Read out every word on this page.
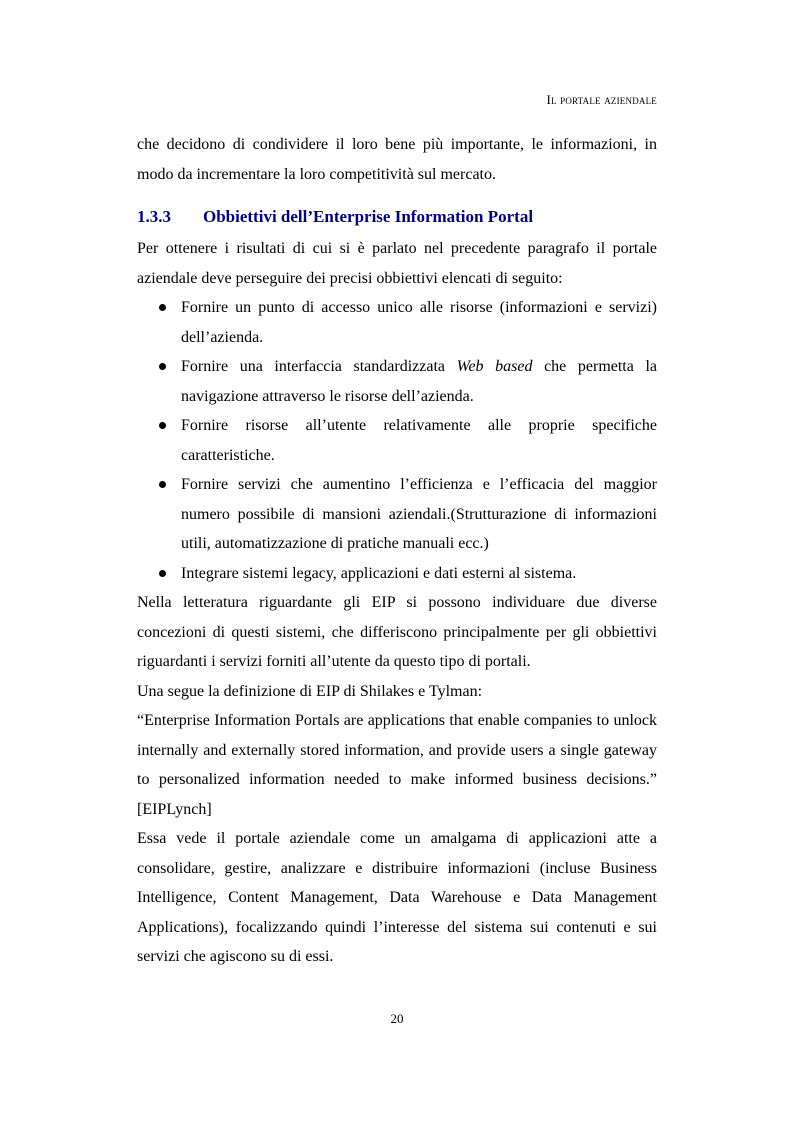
Il portale aziendale

che decidono di condividere il loro bene più importante, le informazioni, in modo da incrementare la loro competitività sul mercato.

1.3.3 Obbiettivi dell’Enterprise Information Portal

Per ottenere i risultati di cui si è parlato nel precedente paragrafo il portale aziendale deve perseguire dei precisi obbiettivi elencati di seguito:

Fornire un punto di accesso unico alle risorse (informazioni e servizi) dell’azienda.
Fornire una interfaccia standardizzata Web based che permetta la navigazione attraverso le risorse dell’azienda.
Fornire risorse all’utente relativamente alle proprie specifiche caratteristiche.
Fornire servizi che aumentino l’efficienza e l’efficacia del maggior numero possibile di mansioni aziendali.(Strutturazione di informazioni utili, automatizzazione di pratiche manuali ecc.)
Integrare sistemi legacy, applicazioni e dati esterni al sistema.

Nella letteratura riguardante gli EIP si possono individuare due diverse concezioni di questi sistemi, che differiscono principalmente per gli obbiettivi riguardanti i servizi forniti all’utente da questo tipo di portali.

Una segue la definizione di EIP di Shilakes e Tylman:

“Enterprise Information Portals are applications that enable companies to unlock internally and externally stored information, and provide users a single gateway to personalized information needed to make informed business decisions.” [EIPLynch]

Essa vede il portale aziendale come un amalgama di applicazioni atte a consolidare, gestire, analizzare e distribuire informazioni (incluse Business Intelligence, Content Management, Data Warehouse e Data Management Applications), focalizzando quindi l’interesse del sistema sui contenuti e sui servizi che agiscono su di essi.

20
